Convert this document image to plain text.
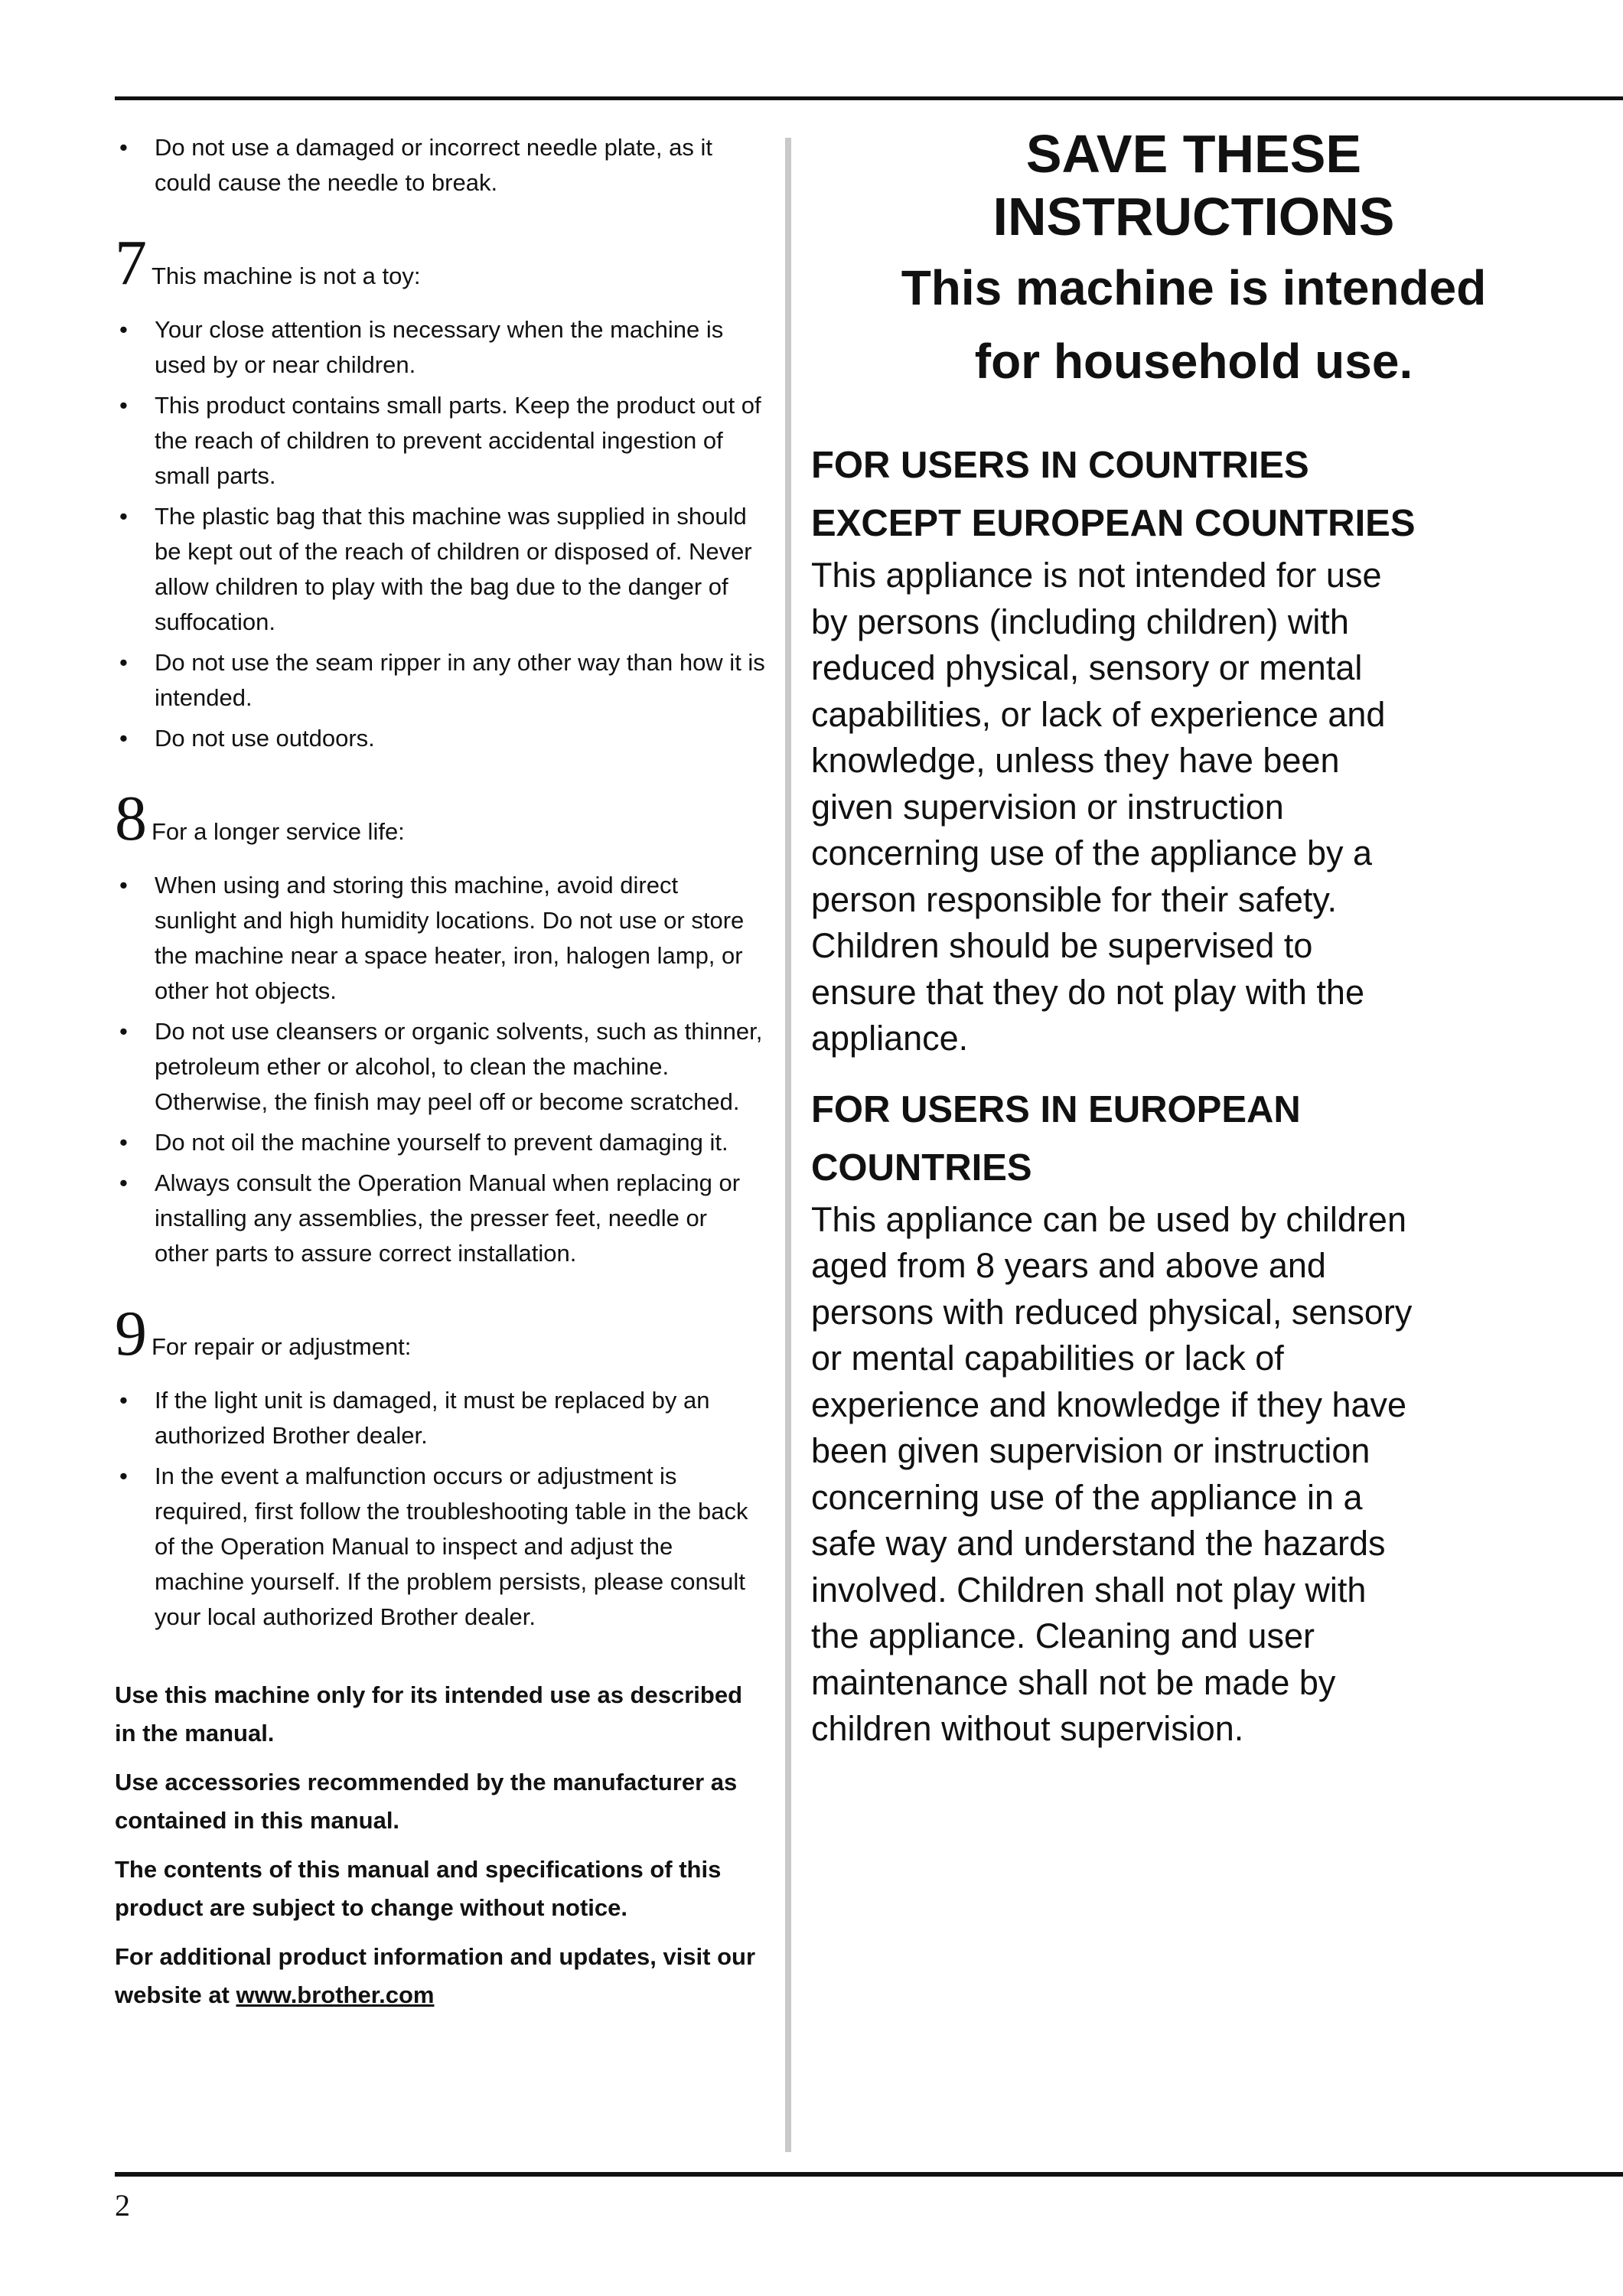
• Do not use a damaged or incorrect needle plate, as it could cause the needle to break.
7 This machine is not a toy:
• Your close attention is necessary when the machine is used by or near children.
• This product contains small parts. Keep the product out of the reach of children to prevent accidental ingestion of small parts.
• The plastic bag that this machine was supplied in should be kept out of the reach of children or disposed of. Never allow children to play with the bag due to the danger of suffocation.
• Do not use the seam ripper in any other way than how it is intended.
• Do not use outdoors.
8 For a longer service life:
• When using and storing this machine, avoid direct sunlight and high humidity locations. Do not use or store the machine near a space heater, iron, halogen lamp, or other hot objects.
• Do not use cleansers or organic solvents, such as thinner, petroleum ether or alcohol, to clean the machine. Otherwise, the finish may peel off or become scratched.
• Do not oil the machine yourself to prevent damaging it.
• Always consult the Operation Manual when replacing or installing any assemblies, the presser feet, needle or other parts to assure correct installation.
9 For repair or adjustment:
• If the light unit is damaged, it must be replaced by an authorized Brother dealer.
• In the event a malfunction occurs or adjustment is required, first follow the troubleshooting table in the back of the Operation Manual to inspect and adjust the machine yourself. If the problem persists, please consult your local authorized Brother dealer.

Use this machine only for its intended use as described in the manual.

Use accessories recommended by the manufacturer as contained in this manual.

The contents of this manual and specifications of this product are subject to change without notice.

For additional product information and updates, visit our website at www.brother.com

SAVE THESE
INSTRUCTIONS
This machine is intended
for household use.
FOR USERS IN COUNTRIES
EXCEPT EUROPEAN COUNTRIES
This appliance is not intended for use
by persons (including children) with
reduced physical, sensory or mental
capabilities, or lack of experience and
knowledge, unless they have been
given supervision or instruction
concerning use of the appliance by a
person responsible for their safety.
Children should be supervised to
ensure that they do not play with the
appliance.
FOR USERS IN EUROPEAN
COUNTRIES
This appliance can be used by children
aged from 8 years and above and
persons with reduced physical, sensory
or mental capabilities or lack of
experience and knowledge if they have
been given supervision or instruction
concerning use of the appliance in a
safe way and understand the hazards
involved. Children shall not play with
the appliance. Cleaning and user
maintenance shall not be made by
children without supervision.
2
